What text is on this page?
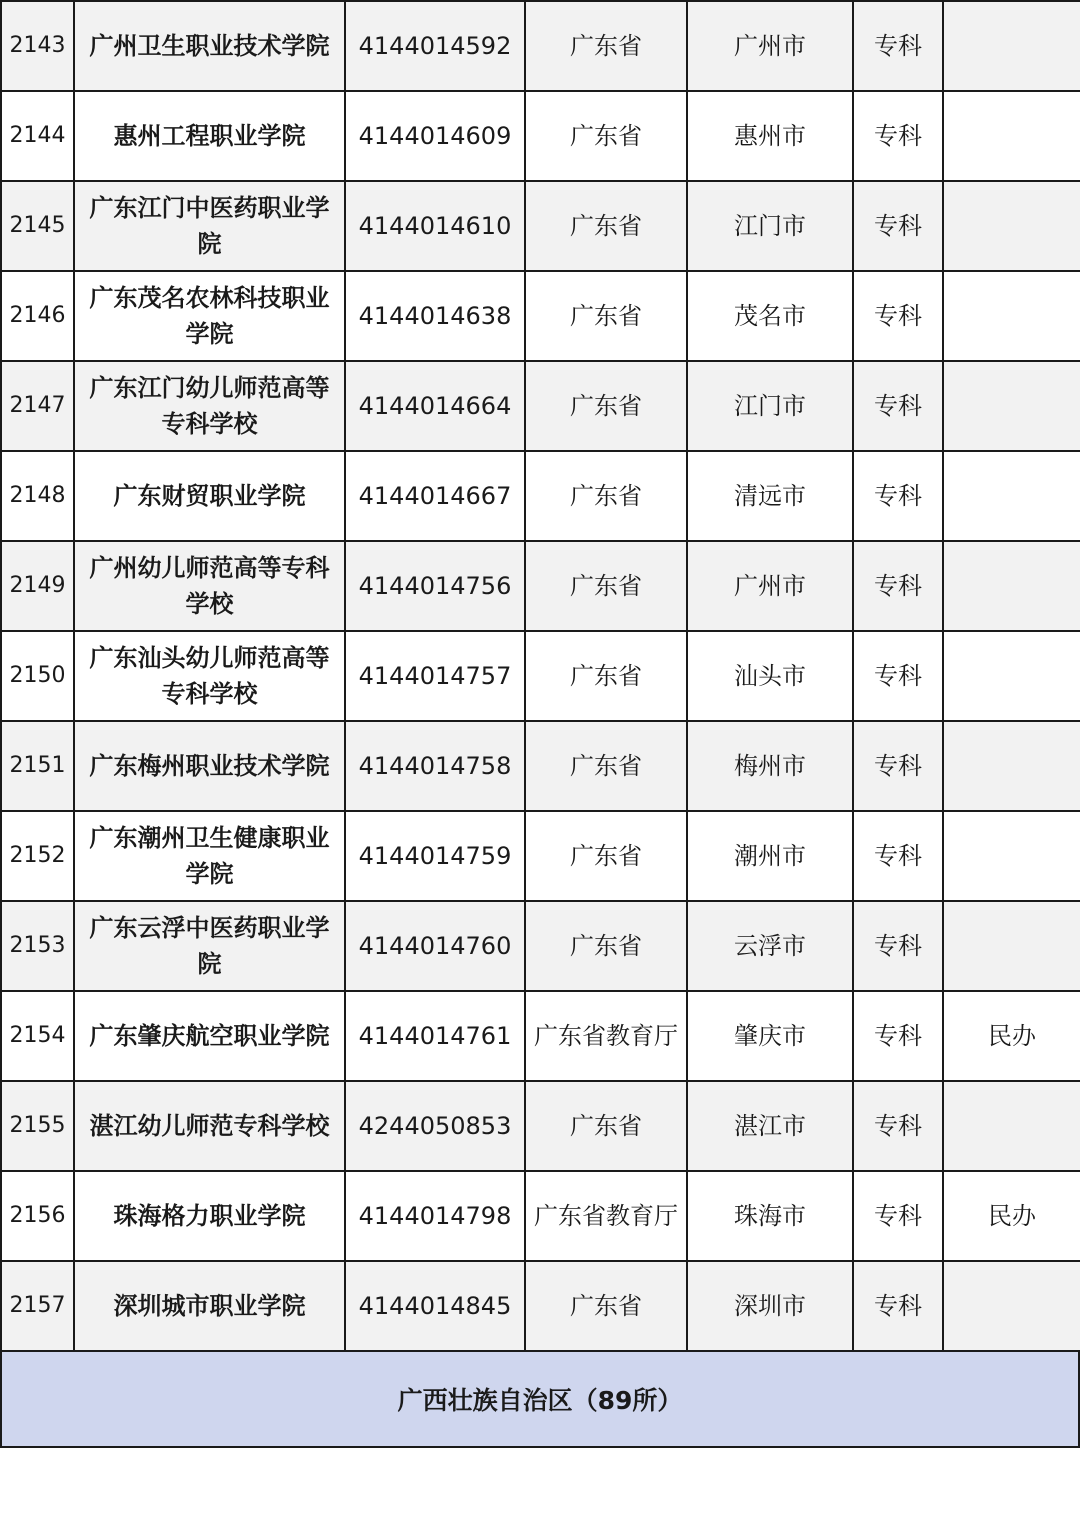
2143	广州卫生职业技术学院	4144014592	广东省	广州市	专科	
2144	惠州工程职业学院	4144014609	广东省	惠州市	专科	
2145	广东江门中医药职业学院	4144014610	广东省	江门市	专科	
2146	广东茂名农林科技职业学院	4144014638	广东省	茂名市	专科	
2147	广东江门幼儿师范高等专科学校	4144014664	广东省	江门市	专科	
2148	广东财贸职业学院	4144014667	广东省	清远市	专科	
2149	广州幼儿师范高等专科学校	4144014756	广东省	广州市	专科	
2150	广东汕头幼儿师范高等专科学校	4144014757	广东省	汕头市	专科	
2151	广东梅州职业技术学院	4144014758	广东省	梅州市	专科	
2152	广东潮州卫生健康职业学院	4144014759	广东省	潮州市	专科	
2153	广东云浮中医药职业学院	4144014760	广东省	云浮市	专科	
2154	广东肇庆航空职业学院	4144014761	广东省教育厅	肇庆市	专科	民办
2155	湛江幼儿师范专科学校	4244050853	广东省	湛江市	专科	
2156	珠海格力职业学院	4144014798	广东省教育厅	珠海市	专科	民办
2157	深圳城市职业学院	4144014845	广东省	深圳市	专科	
广西壮族自治区（89所）
